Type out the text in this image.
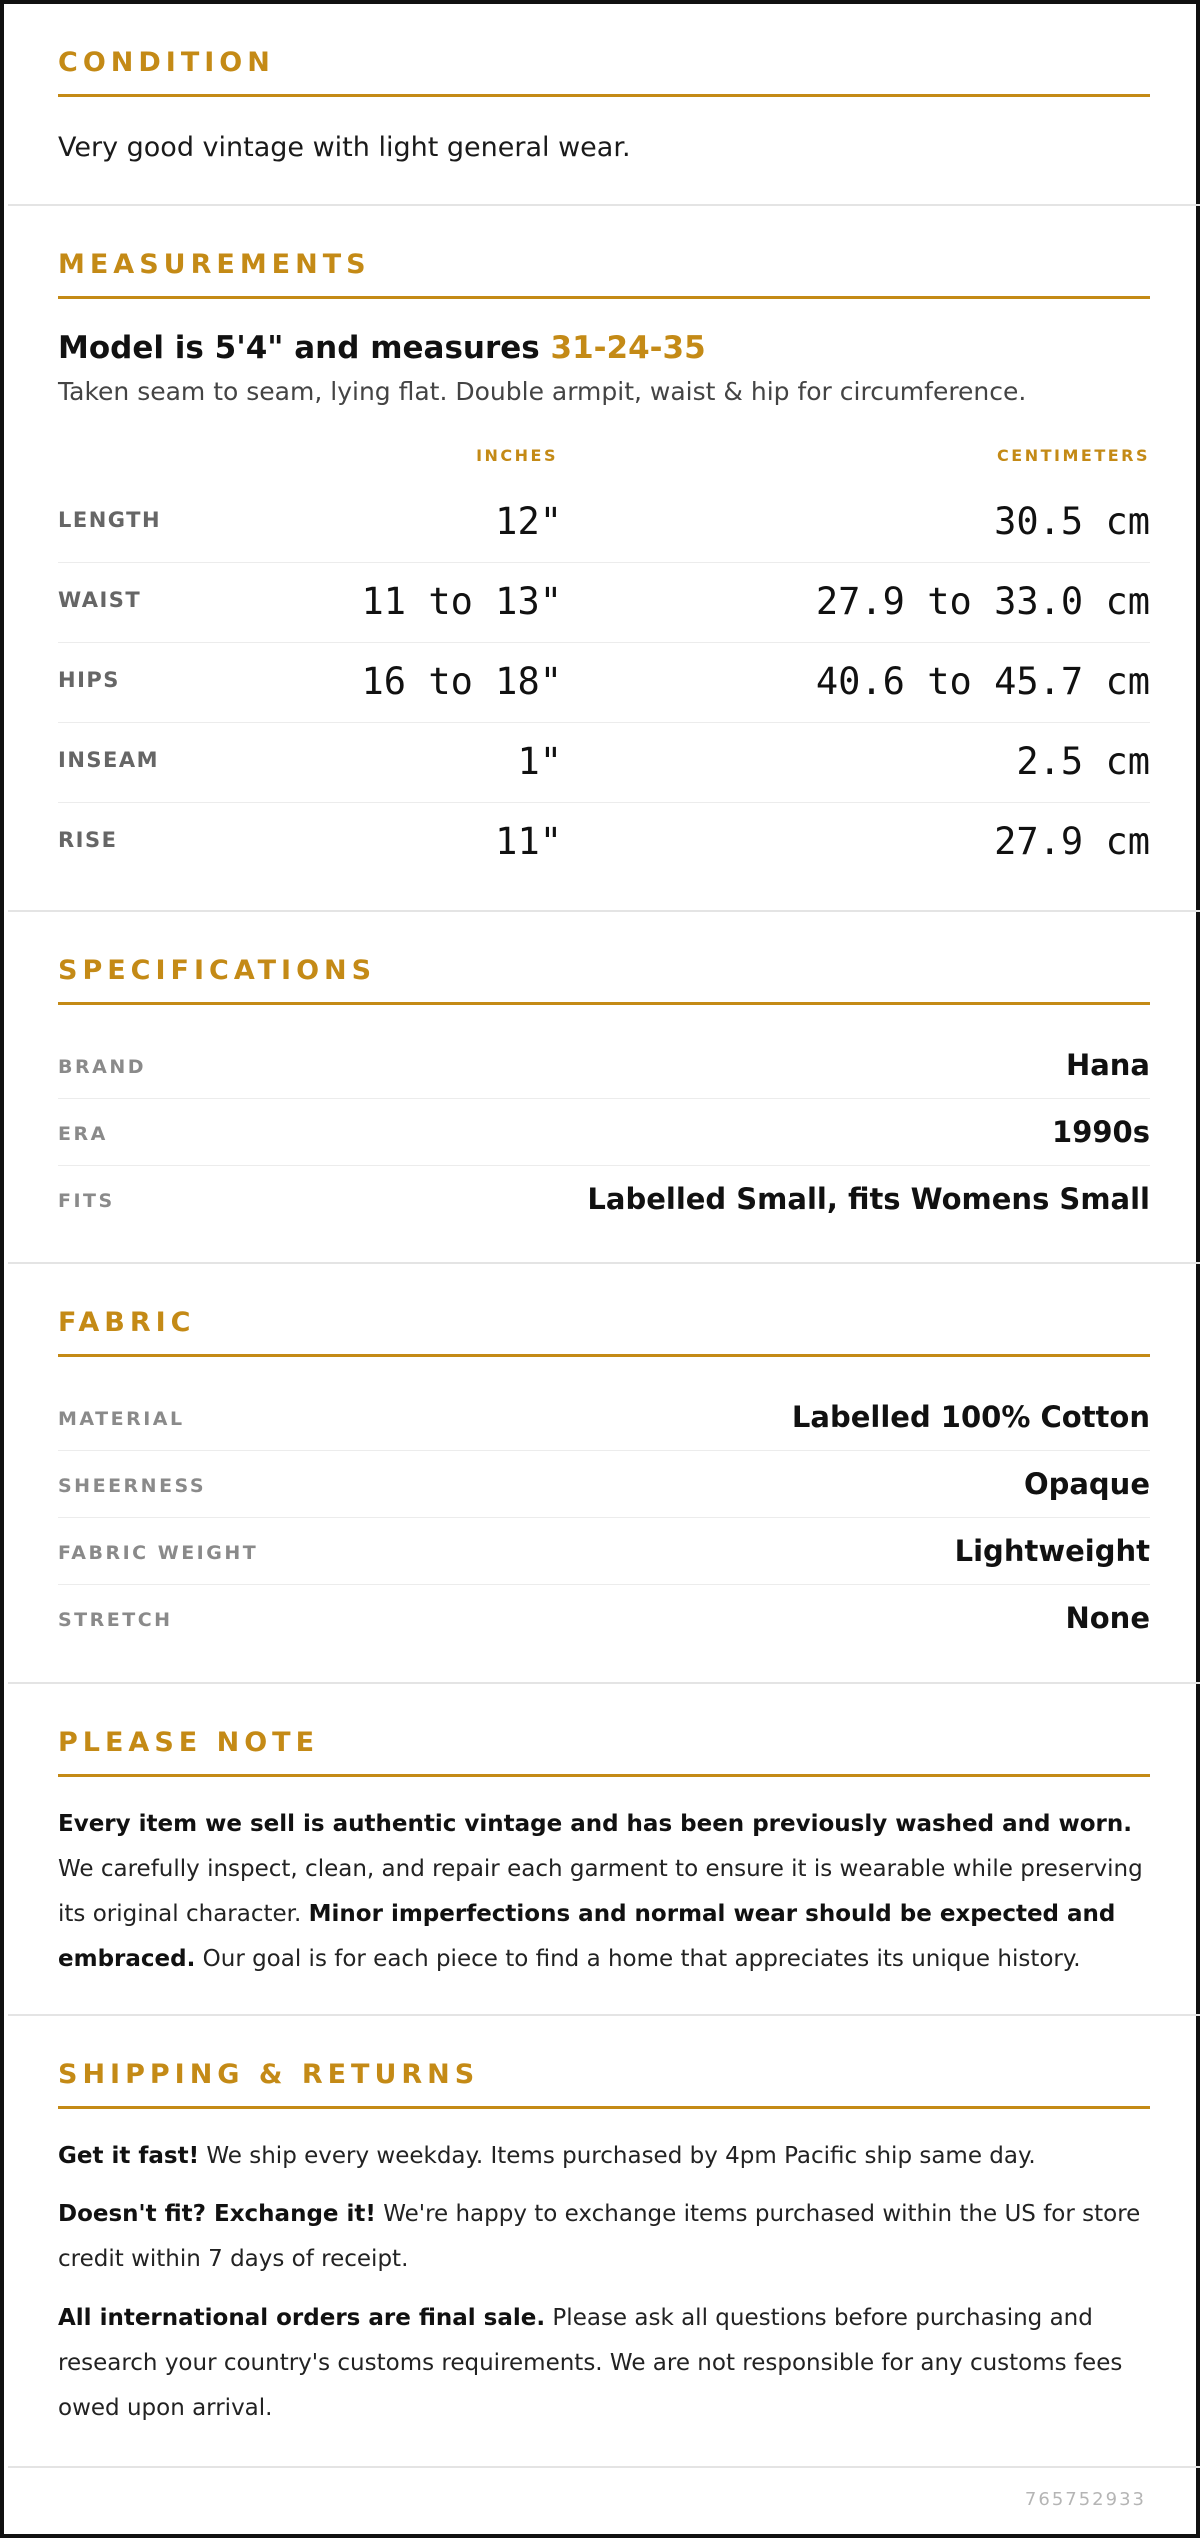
CONDITION
Very good vintage with light general wear.
MEASUREMENTS
Model is 5'4" and measures 31-24-35
Taken seam to seam, lying flat. Double armpit, waist & hip for circumference.
INCHES	CENTIMETERS
LENGTH	12"	30.5 cm
WAIST	11 to 13"	27.9 to 33.0 cm
HIPS	16 to 18"	40.6 to 45.7 cm
INSEAM	1"	2.5 cm
RISE	11"	27.9 cm
SPECIFICATIONS
BRAND	Hana
ERA	1990s
FITS	Labelled Small, fits Womens Small
FABRIC
MATERIAL	Labelled 100% Cotton
SHEERNESS	Opaque
FABRIC WEIGHT	Lightweight
STRETCH	None
PLEASE NOTE
Every item we sell is authentic vintage and has been previously washed and worn. We carefully inspect, clean, and repair each garment to ensure it is wearable while preserving its original character. Minor imperfections and normal wear should be expected and embraced. Our goal is for each piece to find a home that appreciates its unique history.
SHIPPING & RETURNS
Get it fast! We ship every weekday. Items purchased by 4pm Pacific ship same day.
Doesn't fit? Exchange it! We're happy to exchange items purchased within the US for store credit within 7 days of receipt.
All international orders are final sale. Please ask all questions before purchasing and research your country's customs requirements. We are not responsible for any customs fees owed upon arrival.
765752933
